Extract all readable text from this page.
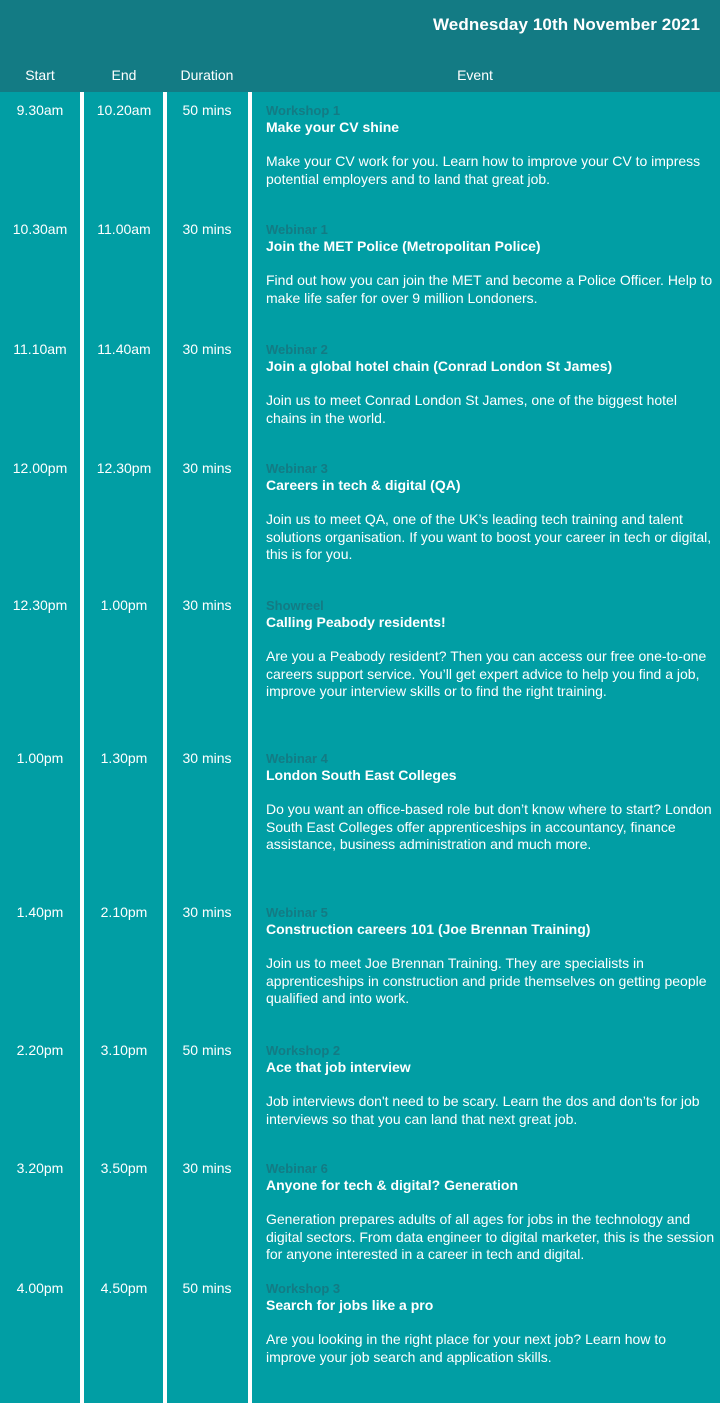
Wednesday 10th November 2021
Start	End	Duration	Event
9.30am	10.20am	50 mins	Workshop 1
Make your CV shine
Make your CV work for you. Learn how to improve your CV to impress potential employers and to land that great job.
10.30am	11.00am	30 mins	Webinar 1
Join the MET Police (Metropolitan Police)
Find out how you can join the MET and become a Police Officer. Help to make life safer for over 9 million Londoners.
11.10am	11.40am	30 mins	Webinar 2
Join a global hotel chain (Conrad London St James)
Join us to meet Conrad London St James, one of the biggest hotel chains in the world.
12.00pm	12.30pm	30 mins	Webinar 3
Careers in tech & digital (QA)
Join us to meet QA, one of the UK’s leading tech training and talent solutions organisation. If you want to boost your career in tech or digital, this is for you.
12.30pm	1.00pm	30 mins	Showreel
Calling Peabody residents!
Are you a Peabody resident? Then you can access our free one-to-one careers support service. You’ll get expert advice to help you find a job, improve your interview skills or to find the right training.
1.00pm	1.30pm	30 mins	Webinar 4
London South East Colleges
Do you want an office-based role but don’t know where to start? London South East Colleges offer apprenticeships in accountancy, finance assistance, business administration and much more.
1.40pm	2.10pm	30 mins	Webinar 5
Construction careers 101 (Joe Brennan Training)
Join us to meet Joe Brennan Training. They are specialists in apprenticeships in construction and pride themselves on getting people qualified and into work.
2.20pm	3.10pm	50 mins	Workshop 2
Ace that job interview
Job interviews don't need to be scary. Learn the dos and don’ts for job interviews so that you can land that next great job.
3.20pm	3.50pm	30 mins	Webinar 6
Anyone for tech & digital? Generation
Generation prepares adults of all ages for jobs in the technology and digital sectors. From data engineer to digital marketer, this is the session for anyone interested in a career in tech and digital.
4.00pm	4.50pm	50 mins	Workshop 3
Search for jobs like a pro
Are you looking in the right place for your next job? Learn how to improve your job search and application skills.
